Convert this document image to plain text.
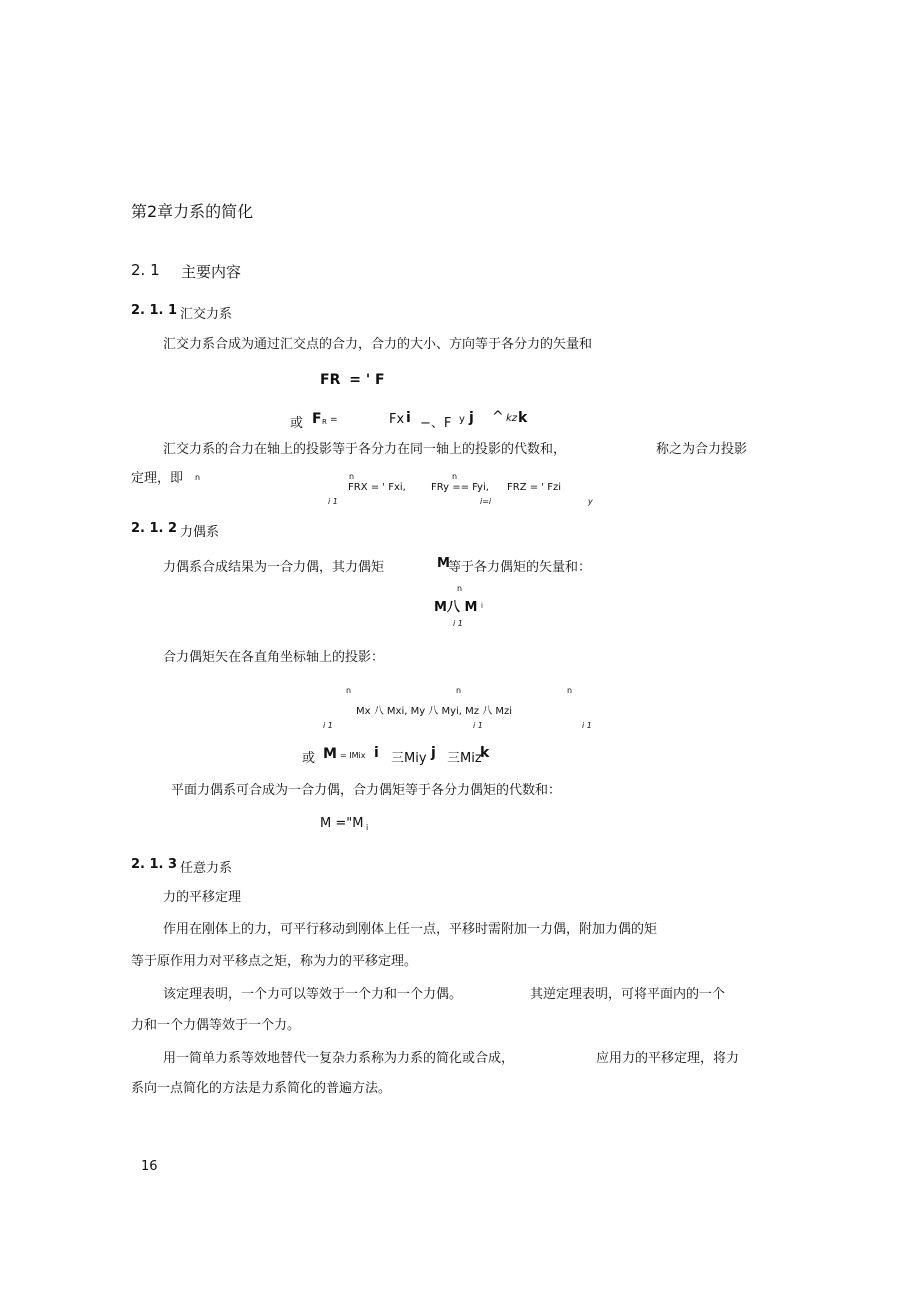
第2章力系的简化
2. 1 主要内容
2. 1. 1 汇交力系
汇交力系合成为通过汇交点的合力，合力的大小、方向等于各分力的矢量和
FR = ' F
或 F R =	Fx i −、F y j ^ kz k
汇交力系的合力在轴上的投影等于各分力在同一轴上的投影的代数和，	称之为合力投影
定理，即 n	n	n
FRX = ' Fxi,	FRy == Fyi, FRZ = ' Fzi
i 1	i=i	y
2. 1. 2 力偶系
力偶系合成结果为一合力偶，其力偶矩	M
等于各力偶矩的矢量和：
n
M八 M i
i 1
合力偶矩矢在各直角坐标轴上的投影：
n	n	n
Mx 八 Mxi, My 八 Myi, Mz 八 Mzi
i 1	i 1	i 1
或 M = IMix i 三Miy j 三Miz
k
平面力偶系可合成为一合力偶，合力偶矩等于各分力偶矩的代数和：
M ="M i
2. 1. 3 任意力系
力的平移定理
作用在刚体上的力，可平行移动到刚体上任一点，平移时需附加一力偶，附加力偶的矩
等于原作用力对平移点之矩，称为力的平移定理。
该定理表明，一个力可以等效于一个力和一个力偶。	其逆定理表明，可将平面内的一个
力和一个力偶等效于一个力。
用一简单力系等效地替代一复杂力系称为力系的简化或合成，	应用力的平移定理，将力
系向一点简化的方法是力系简化的普遍方法。
16
